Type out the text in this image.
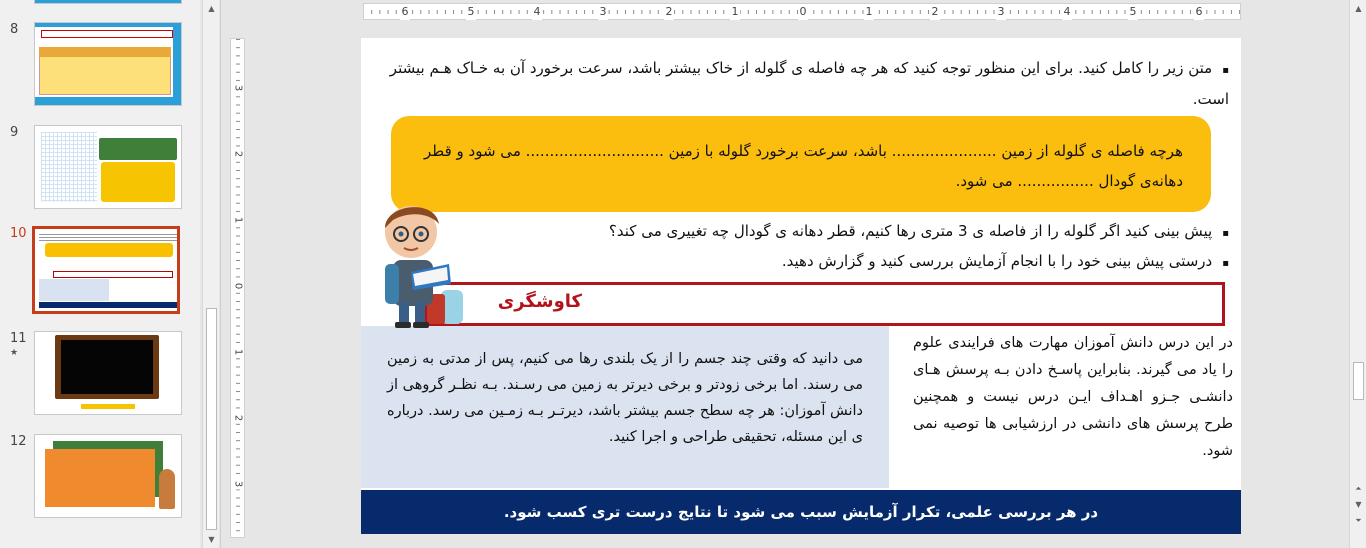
8
9
10
11
★
12
▲
▼
6	5	4	3	2	1	0	1	2	3	4	5	6
3
2
1
0
1
2
3
▪ متن زیر را کامل کنید. برای این منظور توجه کنید که هر چه فاصله ی گلوله از خاک بیشتر باشد، سرعت برخورد آن به خـاک هـم بیشتر است.
هرچه فاصله ی گلوله از زمین ...................... باشد، سرعت برخورد گلوله با زمین ............................. می شود و قطر دهانه‌ی گودال ................ می شود.
▪ پیش بینی کنید اگر گلوله را از فاصله ی 3 متری رها کنیم، قطر دهانه ی گودال چه تغییری می کند؟
▪ درستی پیش بینی خود را با انجام آزمایش بررسی کنید و گزارش دهید.
کاوشگری
می دانید که وقتی چند جسم را از یک بلندی رها می کنیم، پس از مدتی به زمین می رسند. اما برخی زودتر و برخی دیرتر به زمین می رسـند. بـه نظـر گروهی از دانش آموزان: هر چه سطح جسم بیشتر باشد، دیرتـر بـه زمـین می رسد. درباره ی این مسئله، تحقیقی طراحی و اجرا کنید.
در این درس دانش آموزان مهارت های فرایندی علوم را یاد می گیرند. بنابراین پاسـخ دادن بـه پرسش هـای دانشـی جـزو اهـداف ایـن درس نیست و همچنین طرح پرسش های دانشی در ارزشیابی ها توصیه نمی شود.
در هر بررسی علمی، تکرار آزمایش سبب می شود تا نتایج درست تری کسب شود.
▲
⏶
▼
⏷
